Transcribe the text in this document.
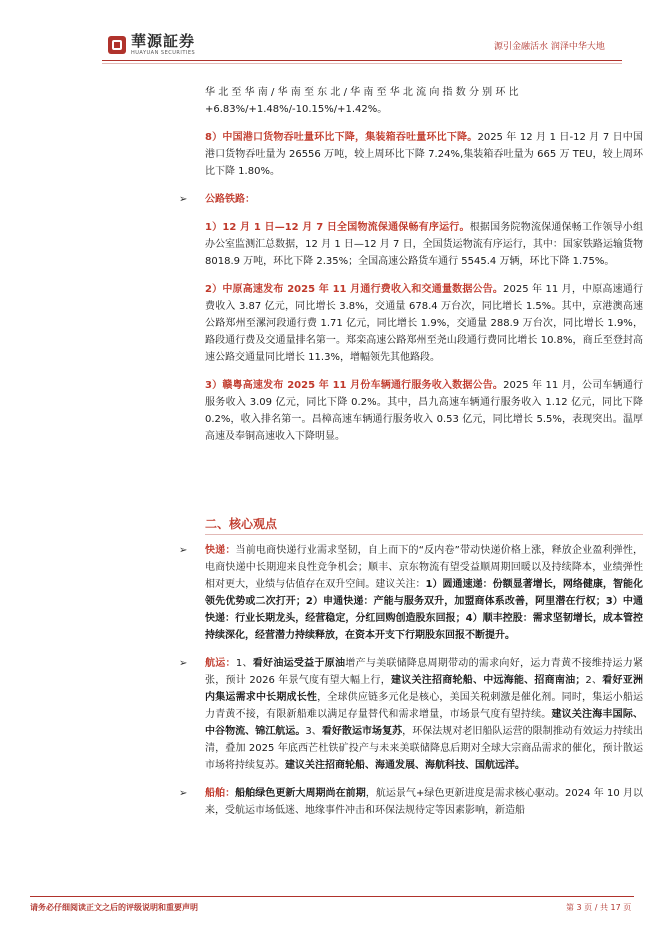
華源証券
HUAYUAN SECURITIES
源引金融活水 润泽中华大地

华北至华南/华南至东北/华南至华北流向指数分别环比

+6.83%/+1.48%/-10.15%/+1.42%。

8）中国港口货物吞吐量环比下降，集装箱吞吐量环比下降。2025 年 12 月 1 日-12 月 7 日中国港口货物吞吐量为 26556 万吨，较上周环比下降 7.24%,集装箱吞吐量为 665 万 TEU，较上周环比下降 1.80%。

➢ 公路铁路：

1）12 月 1 日—12 月 7 日全国物流保通保畅有序运行。根据国务院物流保通保畅工作领导小组办公室监测汇总数据，12 月 1 日—12 月 7 日，全国货运物流有序运行，其中：国家铁路运输货物 8018.9 万吨，环比下降 2.35%；全国高速公路货车通行 5545.4 万辆，环比下降 1.75%。

2）中原高速发布 2025 年 11 月通行费收入和交通量数据公告。2025 年 11 月，中原高速通行费收入 3.87 亿元，同比增长 3.8%，交通量 678.4 万台次，同比增长 1.5%。其中，京港澳高速公路郑州至漯河段通行费 1.71 亿元，同比增长 1.9%，交通量 288.9 万台次，同比增长 1.9%，路段通行费及交通量排名第一。郑栾高速公路郑州至尧山段通行费同比增长 10.8%，商丘至登封高速公路交通量同比增长 11.3%，增幅领先其他路段。

3）赣粤高速发布 2025 年 11 月份车辆通行服务收入数据公告。2025 年 11 月，公司车辆通行服务收入 3.09 亿元，同比下降 0.2%。其中，昌九高速车辆通行服务收入 1.12 亿元，同比下降 0.2%，收入排名第一。昌樟高速车辆通行服务收入 0.53 亿元，同比增长 5.5%，表现突出。温厚高速及奉铜高速收入下降明显。

二、核心观点
➢ 快递：当前电商快递行业需求坚韧，自上而下的“反内卷”带动快递价格上涨，释放企业盈利弹性，电商快递中长期迎来良性竞争机会；顺丰、京东物流有望受益顺周期回暖以及持续降本，业绩弹性相对更大，业绩与估值存在双升空间。建议关注：1）圆通速递：份额显著增长，网络健康，智能化领先优势或二次打开；2）申通快递：产能与服务双升，加盟商体系改善，阿里潜在行权；3）中通快递：行业长期龙头，经营稳定，分红回购创造股东回报；4）顺丰控股：需求坚韧增长，成本管控持续深化，经营潜力持续释放，在资本开支下行期股东回报不断提升。

➢ 航运：1、看好油运受益于原油增产与美联储降息周期带动的需求向好，运力青黄不接维持运力紧张，预计 2026 年景气度有望大幅上行，建议关注招商轮船、中远海能、招商南油；2、看好亚洲内集运需求中长期成长性，全球供应链多元化是核心，美国关税刺激是催化剂。同时，集运小船运力青黄不接，有限新船难以满足存量替代和需求增量，市场景气度有望持续。建议关注海丰国际、中谷物流、锦江航运。3、看好散运市场复苏，环保法规对老旧船队运营的限制推动有效运力持续出清，叠加 2025 年底西芒杜铁矿投产与未来美联储降息后期对全球大宗商品需求的催化，预计散运市场将持续复苏。建议关注招商轮船、海通发展、海航科技、国航远洋。

➢ 船舶：船舶绿色更新大周期尚在前期，航运景气+绿色更新进度是需求核心驱动。2024 年 10 月以来，受航运市场低迷、地缘事件冲击和环保法规待定等因素影响，新造船

请务必仔细阅读正文之后的评级说明和重要声明	第 3 页 / 共 17 页
